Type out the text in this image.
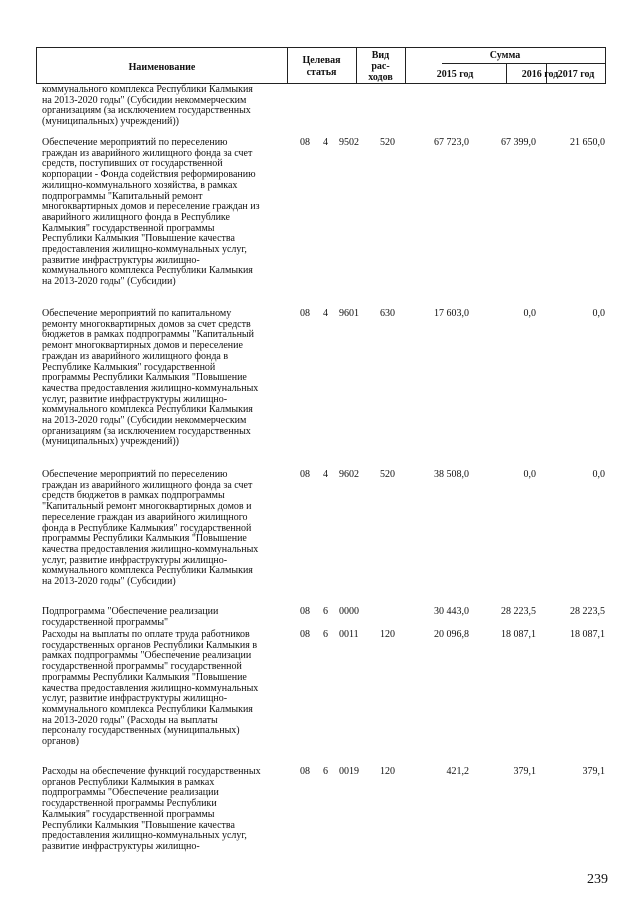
Наименование
Целевая
статья
Вид
рас-
ходов
Сумма
2015 год	2016 год 2017 год
коммунального комплекса Республики Калмыкия
на 2013-2020 годы" (Субсидии некоммерческим
организациям (за исключением государственных
(муниципальных) учреждений))
Обеспечение мероприятий по переселению
граждан из аварийного жилищного фонда за счет
средств, поступивших от государственной
корпорации - Фонда содействия реформированию
жилищно-коммунального хозяйства, в рамках
подпрограммы "Капитальный ремонт
многоквартирных домов и переселение граждан из
аварийного жилищного фонда в Республике
Калмыкия" государственной программы
Республики Калмыкия "Повышение качества
предоставления жилищно-коммунальных услуг,
развитие инфраструктуры жилищно-
коммунального комплекса Республики Калмыкия
на 2013-2020 годы" (Субсидии)
08 4 9502 520	67 723,0	67 399,0	21 650,0
Обеспечение мероприятий по капитальному
ремонту многоквартирных домов за счет средств
бюджетов в рамках подпрограммы "Капитальный
ремонт многоквартирных домов и переселение
граждан из аварийного жилищного фонда в
Республике Калмыкия" государственной
программы Республики Калмыкия "Повышение
качества предоставления жилищно-коммунальных
услуг, развитие инфраструктуры жилищно-
коммунального комплекса Республики Калмыкия
на 2013-2020 годы" (Субсидии некоммерческим
организациям (за исключением государственных
(муниципальных) учреждений))
08 4 9601 630	17 603,0	0,0	0,0
Обеспечение мероприятий по переселению
граждан из аварийного жилищного фонда за счет
средств бюджетов в рамках подпрограммы
"Капитальный ремонт многоквартирных домов и
переселение граждан из аварийного жилищного
фонда в Республике Калмыкия" государственной
программы Республики Калмыкия "Повышение
качества предоставления жилищно-коммунальных
услуг, развитие инфраструктуры жилищно-
коммунального комплекса Республики Калмыкия
на 2013-2020 годы" (Субсидии)
08 4 9602 520	38 508,0	0,0	0,0
Подпрограмма "Обеспечение реализации
государственной программы"
08 6 0000	30 443,0	28 223,5	28 223,5
Расходы на выплаты по оплате труда работников
государственных органов Республики Калмыкия в
рамках подпрограммы "Обеспечение реализации
государственной программы" государственной
программы Республики Калмыкия "Повышение
качества предоставления жилищно-коммунальных
услуг, развитие инфраструктуры жилищно-
коммунального комплекса Республики Калмыкия
на 2013-2020 годы" (Расходы на выплаты
персоналу государственных (муниципальных)
органов)
08 6 0011 120	20 096,8	18 087,1	18 087,1
Расходы на обеспечение функций государственных
органов Республики Калмыкия в рамках
подпрограммы "Обеспечение реализации
государственной программы Республики
Калмыкия" государственной программы
Республики Калмыкия "Повышение качества
предоставления жилищно-коммунальных услуг,
развитие инфраструктуры жилищно-
08 6 0019 120	421,2	379,1	379,1
239
